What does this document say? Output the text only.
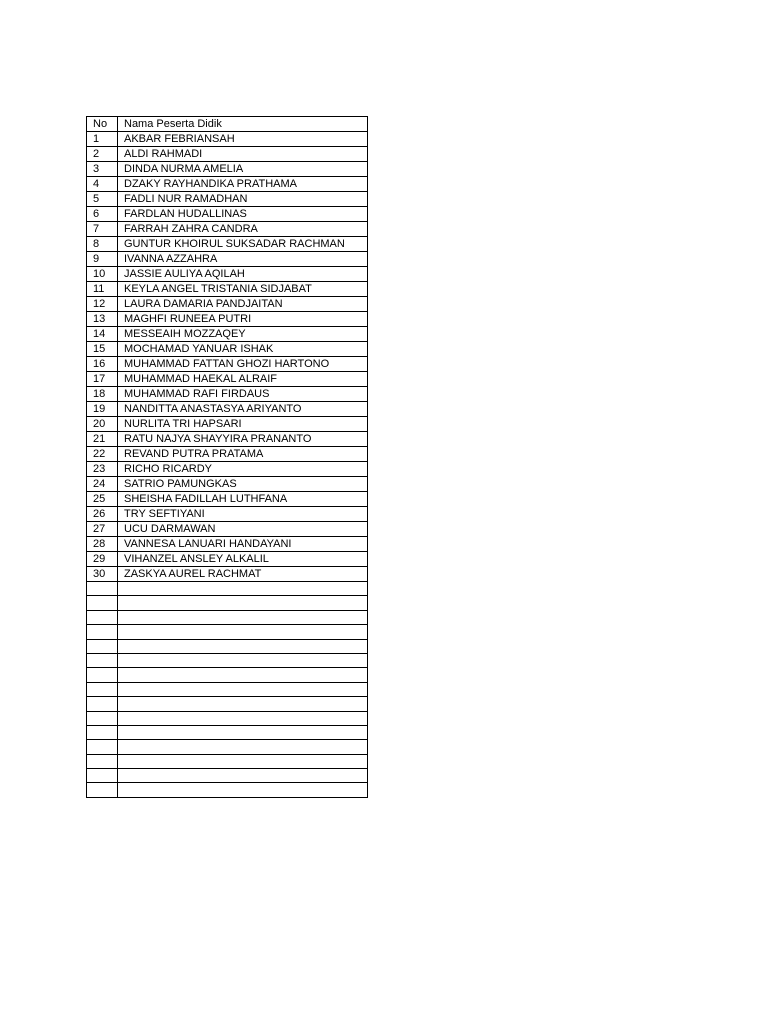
No	Nama Peserta Didik
1	AKBAR FEBRIANSAH
2	ALDI RAHMADI
3	DINDA NURMA AMELIA
4	DZAKY RAYHANDIKA PRATHAMA
5	FADLI NUR RAMADHAN
6	FARDLAN HUDALLINAS
7	FARRAH ZAHRA CANDRA
8	GUNTUR KHOIRUL SUKSADAR RACHMAN
9	IVANNA AZZAHRA
10	JASSIE AULIYA AQILAH
11	KEYLA ANGEL TRISTANIA SIDJABAT
12	LAURA DAMARIA PANDJAITAN
13	MAGHFI RUNEEA PUTRI
14	MESSEAIH MOZZAQEY
15	MOCHAMAD YANUAR ISHAK
16	MUHAMMAD FATTAN GHOZI HARTONO
17	MUHAMMAD HAEKAL ALRAIF
18	MUHAMMAD RAFI FIRDAUS
19	NANDITTA ANASTASYA ARIYANTO
20	NURLITA TRI HAPSARI
21	RATU NAJYA SHAYYIRA PRANANTO
22	REVAND PUTRA PRATAMA
23	RICHO RICARDY
24	SATRIO PAMUNGKAS
25	SHEISHA FADILLAH LUTHFANA
26	TRY SEFTIYANI
27	UCU DARMAWAN
28	VANNESA LANUARI HANDAYANI
29	VIHANZEL ANSLEY ALKALIL
30	ZASKYA AUREL RACHMAT
